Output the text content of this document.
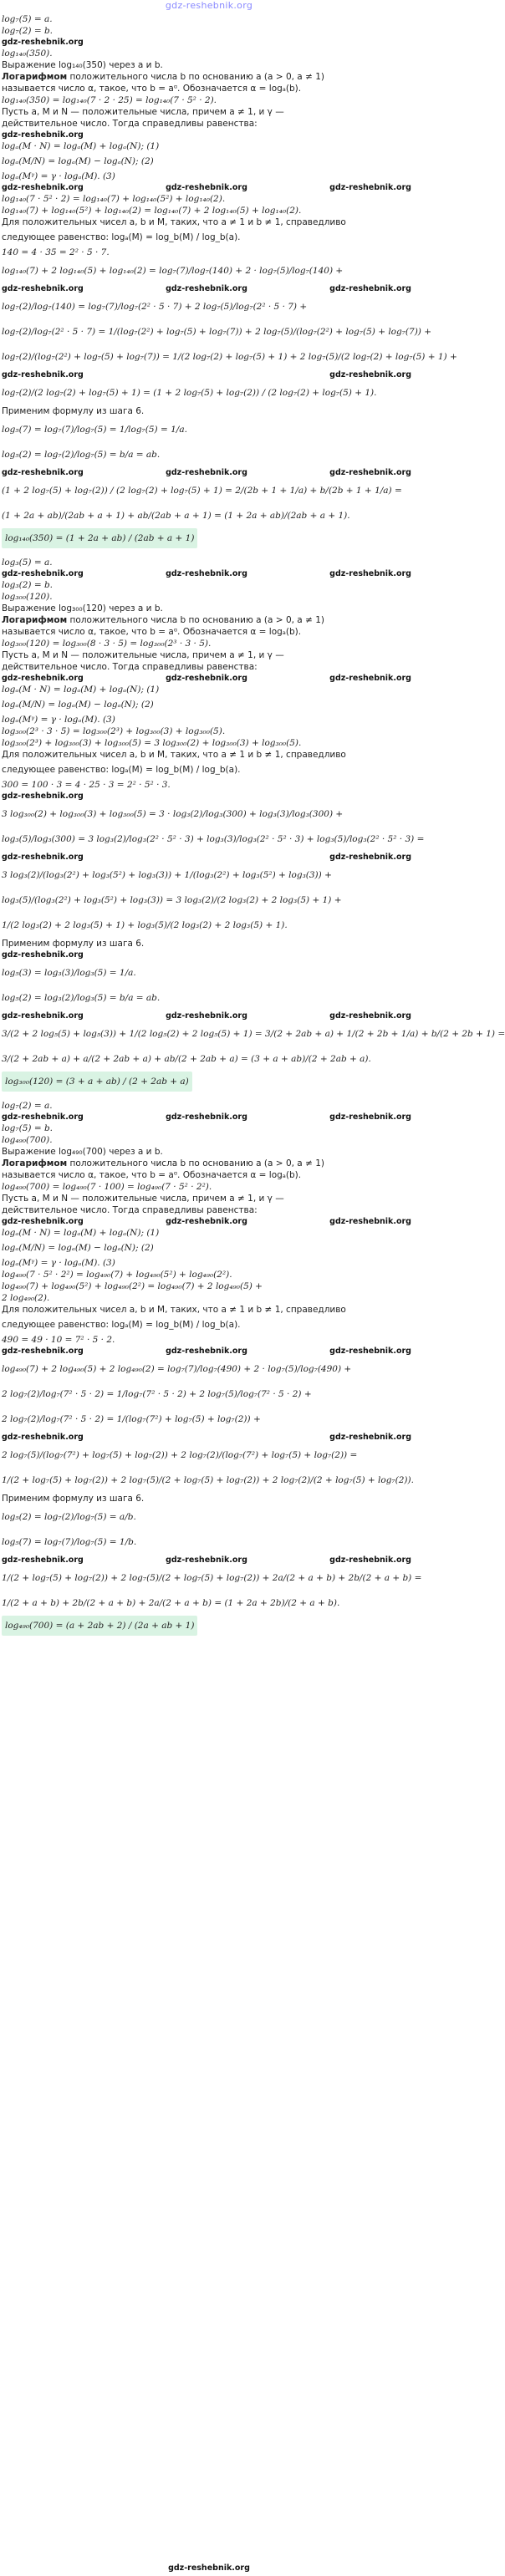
gdz-reshebnik.org
log₇(5) = a.
log₇(2) = b.
gdz-reshebnik.org
log₁₄₀(350).
Выражение log₁₄₀(350) через a и b.
Логарифмом положительного числа b по основанию a (a > 0, a ≠ 1)
называется число α, такое, что b = aᵅ. Обозначается α = logₐ(b).
log₁₄₀(350) = log₁₄₀(7 · 2 · 25) = log₁₄₀(7 · 5² · 2).
Пусть a, M и N — положительные числа, причем a ≠ 1, и γ —
действительное число. Тогда справедливы равенства:
gdz-reshebnik.org
logₐ(M · N) = logₐ(M) + logₐ(N); (1)
logₐ(M/N) = logₐ(M) − logₐ(N); (2)
logₐ(Mᵞ) = γ · logₐ(M). (3)
gdz-reshebnik.org	gdz-reshebnik.org	gdz-reshebnik.org
log₁₄₀(7 · 5² · 2) = log₁₄₀(7) + log₁₄₀(5²) + log₁₄₀(2).
log₁₄₀(7) + log₁₄₀(5²) + log₁₄₀(2) = log₁₄₀(7) + 2 log₁₄₀(5) + log₁₄₀(2).
Для положительных чисел a, b и M, таких, что a ≠ 1 и b ≠ 1, справедливо
следующее равенство: logₐ(M) = log_b(M) / log_b(a).
140 = 4 · 35 = 2² · 5 · 7.
log₁₄₀(7) + 2 log₁₄₀(5) + log₁₄₀(2) = log₇(7)/log₇(140) + 2 · log₇(5)/log₇(140) +
gdz-reshebnik.org	gdz-reshebnik.org	gdz-reshebnik.org
log₇(2)/log₇(140) = log₇(7)/log₇(2² · 5 · 7) + 2 log₇(5)/log₇(2² · 5 · 7) +
log₇(2)/log₇(2² · 5 · 7) = 1/(log₇(2²) + log₇(5) + log₇(7)) + 2 log₇(5)/(log₇(2²) + log₇(5) + log₇(7)) +
log₇(2)/(log₇(2²) + log₇(5) + log₇(7)) = 1/(2 log₇(2) + log₇(5) + 1) + 2 log₇(5)/(2 log₇(2) + log₇(5) + 1) +
gdz-reshebnik.org	gdz-reshebnik.org
log₇(2)/(2 log₇(2) + log₇(5) + 1) = (1 + 2 log₇(5) + log₇(2)) / (2 log₇(2) + log₇(5) + 1).
Применим формулу из шага 6.
log₅(7) = log₇(7)/log₇(5) = 1/log₇(5) = 1/a.
log₅(2) = log₇(2)/log₇(5) = b/a = ab.
gdz-reshebnik.org	gdz-reshebnik.org	gdz-reshebnik.org
(1 + 2 log₇(5) + log₇(2)) / (2 log₇(2) + log₇(5) + 1) = 2/(2b + 1 + 1/a) + b/(2b + 1 + 1/a) =
(1 + 2a + ab)/(2ab + a + 1) + ab/(2ab + a + 1) = (1 + 2a + ab)/(2ab + a + 1).
log₁₄₀(350) = (1 + 2a + ab) / (2ab + a + 1)
log₃(5) = a.
gdz-reshebnik.org	gdz-reshebnik.org	gdz-reshebnik.org
log₃(2) = b.
log₃₀₀(120).
Выражение log₃₀₀(120) через a и b.
Логарифмом положительного числа b по основанию a (a > 0, a ≠ 1)
называется число α, такое, что b = aᵅ. Обозначается α = logₐ(b).
log₃₀₀(120) = log₃₀₀(8 · 3 · 5) = log₃₀₀(2³ · 3 · 5).
Пусть a, M и N — положительные числа, причем a ≠ 1, и γ —
действительное число. Тогда справедливы равенства:
gdz-reshebnik.org	gdz-reshebnik.org	gdz-reshebnik.org
logₐ(M · N) = logₐ(M) + logₐ(N); (1)
logₐ(M/N) = logₐ(M) − logₐ(N); (2)
logₐ(Mᵞ) = γ · logₐ(M). (3)
log₃₀₀(2³ · 3 · 5) = log₃₀₀(2³) + log₃₀₀(3) + log₃₀₀(5).
log₃₀₀(2³) + log₃₀₀(3) + log₃₀₀(5) = 3 log₃₀₀(2) + log₃₀₀(3) + log₃₀₀(5).
Для положительных чисел a, b и M, таких, что a ≠ 1 и b ≠ 1, справедливо
следующее равенство: logₐ(M) = log_b(M) / log_b(a).
300 = 100 · 3 = 4 · 25 · 3 = 2² · 5² · 3.
gdz-reshebnik.org
3 log₃₀₀(2) + log₃₀₀(3) + log₃₀₀(5) = 3 · log₃(2)/log₃(300) + log₃(3)/log₃(300) +
log₃(5)/log₃(300) = 3 log₃(2)/log₃(2² · 5² · 3) + log₃(3)/log₃(2² · 5² · 3) + log₃(5)/log₃(2² · 5² · 3) =
gdz-reshebnik.org	gdz-reshebnik.org
3 log₃(2)/(log₃(2²) + log₃(5²) + log₃(3)) + 1/(log₃(2²) + log₃(5²) + log₃(3)) +
log₃(5)/(log₃(2²) + log₃(5²) + log₃(3)) = 3 log₃(2)/(2 log₃(2) + 2 log₃(5) + 1) +
1/(2 log₃(2) + 2 log₃(5) + 1) + log₃(5)/(2 log₃(2) + 2 log₃(5) + 1).
Применим формулу из шага 6.
gdz-reshebnik.org
log₅(3) = log₃(3)/log₃(5) = 1/a.
log₅(2) = log₃(2)/log₃(5) = b/a = ab.
gdz-reshebnik.org	gdz-reshebnik.org	gdz-reshebnik.org
3/(2 + 2 log₅(5) + log₅(3)) + 1/(2 log₅(2) + 2 log₅(5) + 1) = 3/(2 + 2ab + a) + 1/(2 + 2b + 1/a) + b/(2 + 2b + 1) =
3/(2 + 2ab + a) + a/(2 + 2ab + a) + ab/(2 + 2ab + a) = (3 + a + ab)/(2 + 2ab + a).
log₃₀₀(120) = (3 + a + ab) / (2 + 2ab + a)
log₇(2) = a.
gdz-reshebnik.org	gdz-reshebnik.org	gdz-reshebnik.org
log₇(5) = b.
log₄₉₀(700).
Выражение log₄₉₀(700) через a и b.
Логарифмом положительного числа b по основанию a (a > 0, a ≠ 1)
называется число α, такое, что b = aᵅ. Обозначается α = logₐ(b).
log₄₉₀(700) = log₄₉₀(7 · 100) = log₄₉₀(7 · 5² · 2²).
Пусть a, M и N — положительные числа, причем a ≠ 1, и γ —
действительное число. Тогда справедливы равенства:
gdz-reshebnik.org	gdz-reshebnik.org	gdz-reshebnik.org
logₐ(M · N) = logₐ(M) + logₐ(N); (1)
logₐ(M/N) = logₐ(M) − logₐ(N); (2)
logₐ(Mᵞ) = γ · logₐ(M). (3)
log₄₉₀(7 · 5² · 2²) = log₄₉₀(7) + log₄₉₀(5²) + log₄₉₀(2²).
log₄₉₀(7) + log₄₉₀(5²) + log₄₉₀(2²) = log₄₉₀(7) + 2 log₄₉₀(5) +
2 log₄₉₀(2).
Для положительных чисел a, b и M, таких, что a ≠ 1 и b ≠ 1, справедливо
следующее равенство: logₐ(M) = log_b(M) / log_b(a).
490 = 49 · 10 = 7² · 5 · 2.
gdz-reshebnik.org	gdz-reshebnik.org	gdz-reshebnik.org
log₄₉₀(7) + 2 log₄₉₀(5) + 2 log₄₉₀(2) = log₇(7)/log₇(490) + 2 · log₇(5)/log₇(490) +
2 log₇(2)/log₇(7² · 5 · 2) = 1/log₇(7² · 5 · 2) + 2 log₇(5)/log₇(7² · 5 · 2) +
2 log₇(2)/log₇(7² · 5 · 2) = 1/(log₇(7²) + log₇(5) + log₇(2)) +
gdz-reshebnik.org	gdz-reshebnik.org
2 log₇(5)/(log₇(7²) + log₇(5) + log₇(2)) + 2 log₇(2)/(log₇(7²) + log₇(5) + log₇(2)) =
1/(2 + log₇(5) + log₇(2)) + 2 log₇(5)/(2 + log₇(5) + log₇(2)) + 2 log₇(2)/(2 + log₇(5) + log₇(2)).
Применим формулу из шага 6.
log₅(2) = log₇(2)/log₇(5) = a/b.
log₅(7) = log₇(7)/log₇(5) = 1/b.
gdz-reshebnik.org	gdz-reshebnik.org	gdz-reshebnik.org
1/(2 + log₇(5) + log₇(2)) + 2 log₇(5)/(2 + log₇(5) + log₇(2)) + 2a/(2 + a + b) + 2b/(2 + a + b) =
1/(2 + a + b) + 2b/(2 + a + b) + 2a/(2 + a + b) = (1 + 2a + 2b)/(2 + a + b).
log₄₉₀(700) = (a + 2ab + 2) / (2a + ab + 1)
gdz-reshebnik.org
